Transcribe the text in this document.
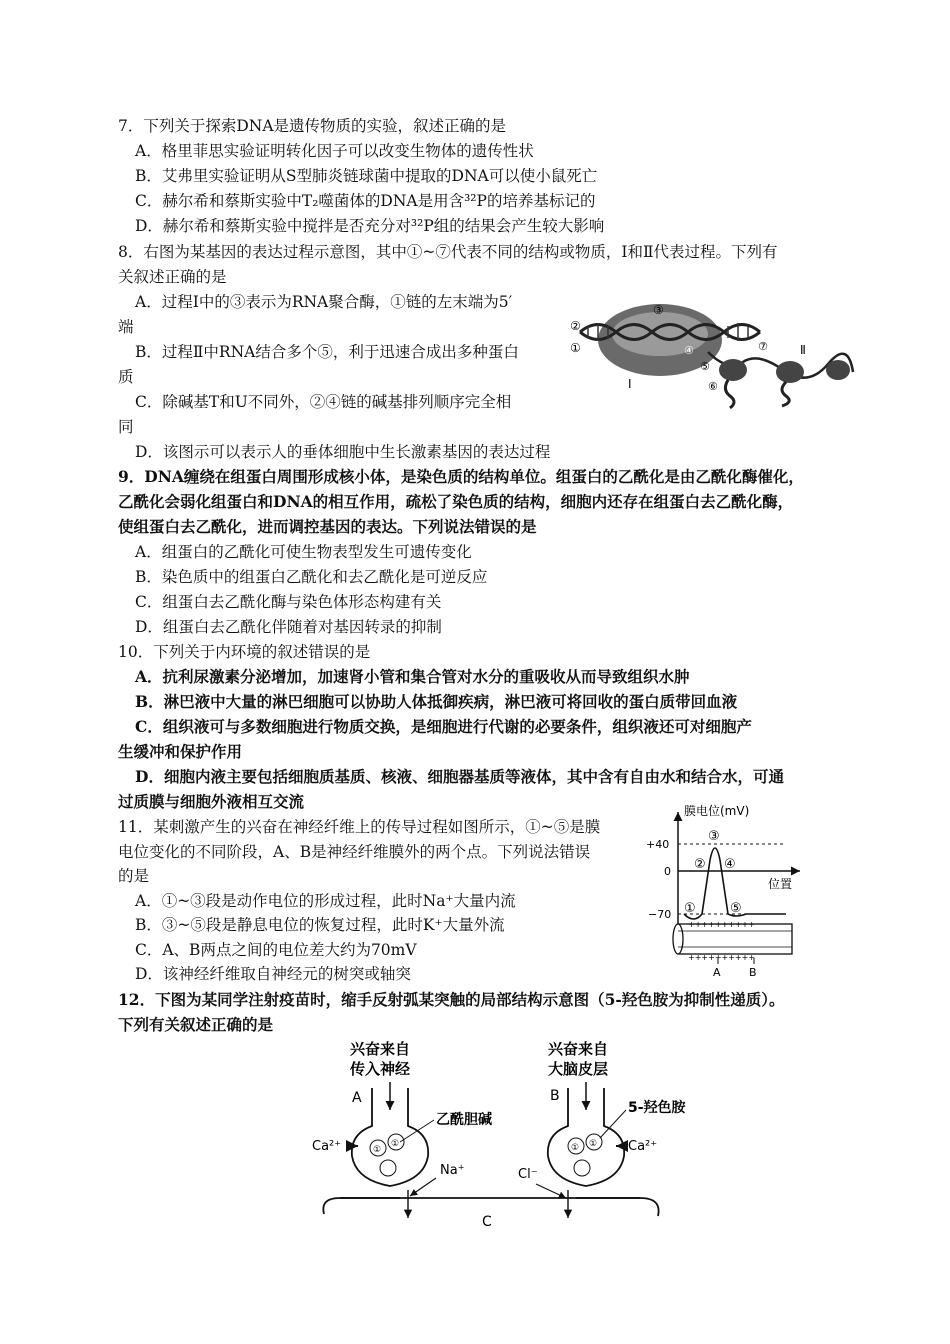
7．下列关于探索DNA是遗传物质的实验，叙述正确的是
A．格里菲思实验证明转化因子可以改变生物体的遗传性状
B．艾弗里实验证明从S型肺炎链球菌中提取的DNA可以使小鼠死亡
C．赫尔希和蔡斯实验中T₂噬菌体的DNA是用含³²P的培养基标记的
D．赫尔希和蔡斯实验中搅拌是否充分对³²P组的结果会产生较大影响
8．右图为某基因的表达过程示意图，其中①~⑦代表不同的结构或物质，Ⅰ和Ⅱ代表过程。下列有
关叙述正确的是
A．过程Ⅰ中的③表示为RNA聚合酶，①链的左末端为5′
端
B．过程Ⅱ中RNA结合多个⑤，利于迅速合成出多种蛋白
质
C．除碱基T和U不同外，②④链的碱基排列顺序完全相
同
D．该图示可以表示人的垂体细胞中生长激素基因的表达过程
②
①
③
④
⑤
⑥
⑦
Ⅰ
Ⅱ
9．DNA缠绕在组蛋白周围形成核小体，是染色质的结构单位。组蛋白的乙酰化是由乙酰化酶催化，
乙酰化会弱化组蛋白和DNA的相互作用，疏松了染色质的结构，细胞内还存在组蛋白去乙酰化酶，
使组蛋白去乙酰化，进而调控基因的表达。下列说法错误的是
A．组蛋白的乙酰化可使生物表型发生可遗传变化
B．染色质中的组蛋白乙酰化和去乙酰化是可逆反应
C．组蛋白去乙酰化酶与染色体形态构建有关
D．组蛋白去乙酰化伴随着对基因转录的抑制
10．下列关于内环境的叙述错误的是
A．抗利尿激素分泌增加，加速肾小管和集合管对水分的重吸收从而导致组织水肿
B．淋巴液中大量的淋巴细胞可以协助人体抵御疾病，淋巴液可将回收的蛋白质带回血液
C．组织液可与多数细胞进行物质交换，是细胞进行代谢的必要条件，组织液还可对细胞产
生缓冲和保护作用
D．细胞内液主要包括细胞质基质、核液、细胞器基质等液体，其中含有自由水和结合水，可通
过质膜与细胞外液相互交流
11．某刺激产生的兴奋在神经纤维上的传导过程如图所示，①~⑤是膜
电位变化的不同阶段，A、B是神经纤维膜外的两个点。下列说法错误
的是
A．①~③段是动作电位的形成过程，此时Na⁺大量内流
B．③~⑤段是静息电位的恢复过程，此时K⁺大量外流
C．A、B两点之间的电位差大约为70mV
D．该神经纤维取自神经元的树突或轴突
膜电位(mV)
+40
0
−70
位置
③
② ④
①	⑤
++++++++++
++++++++++
A	B
12．下图为某同学注射疫苗时，缩手反射弧某突触的局部结构示意图（5-羟色胺为抑制性递质）。
下列有关叙述正确的是
兴奋来自
传入神经
兴奋来自
大脑皮层
A	B
①
①	① ①
乙酰胆碱
5-羟色胺
Ca²⁺	Ca²⁺
Na⁺	Cl⁻
C
